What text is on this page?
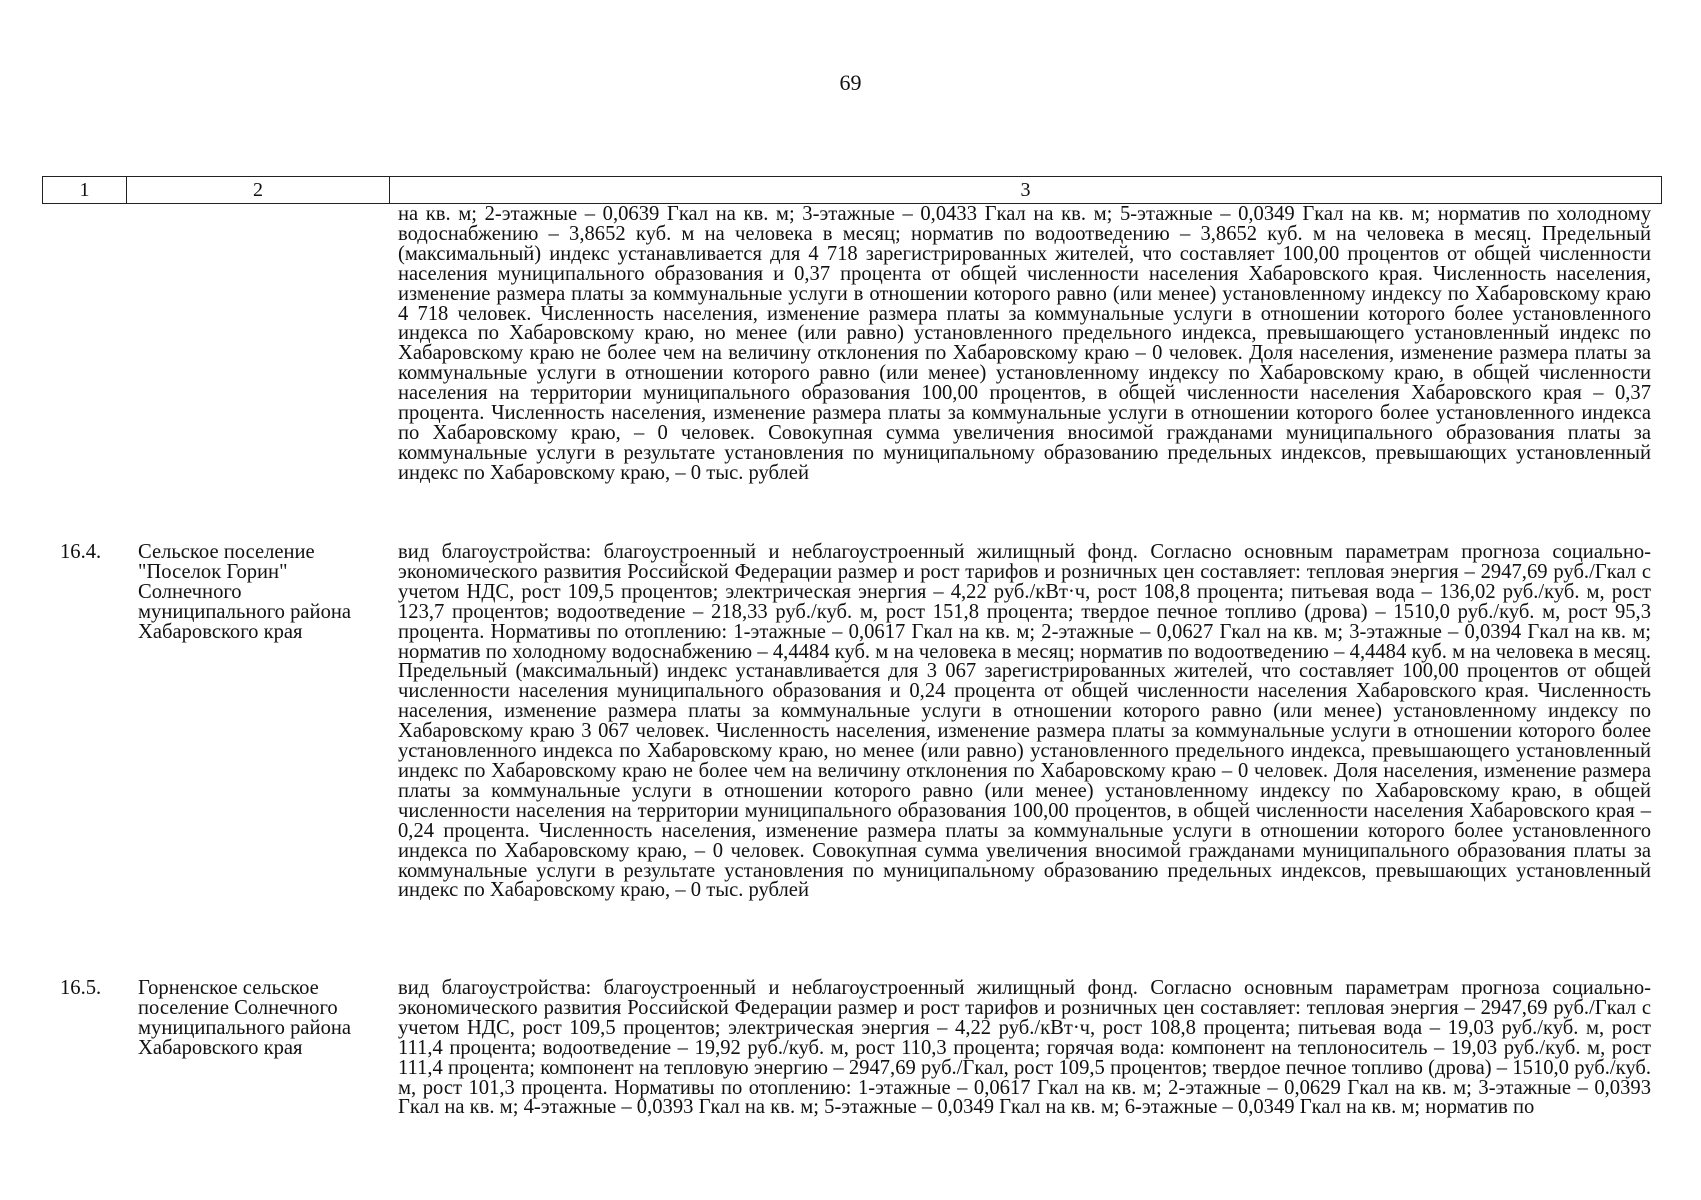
69
1	2	3
на кв. м; 2-этажные – 0,0639 Гкал на кв. м; 3-этажные – 0,0433 Гкал на кв. м; 5-этажные – 0,0349 Гкал на кв. м; норматив по холодному водоснабжению – 3,8652 куб. м на человека в месяц; норматив по водоотведению – 3,8652 куб. м на человека в месяц. Предельный (максимальный) индекс устанавливается для 4 718 зарегистрированных жителей, что составляет 100,00 процентов от общей численности населения муниципального образования и 0,37 процента от общей численности населения Хабаровского края. Численность населения, изменение размера платы за коммунальные услуги в отношении которого равно (или менее) установленному индексу по Хабаровскому краю 4 718 человек. Численность населения, изменение размера платы за коммунальные услуги в отношении которого более установленного индекса по Хабаровскому краю, но менее (или равно) установленного предельного индекса, превышающего установленный индекс по Хабаровскому краю не более чем на величину отклонения по Хабаровскому краю – 0 человек. Доля населения, изменение размера платы за коммунальные услуги в отношении которого равно (или менее) установленному индексу по Хабаровскому краю, в общей численности населения на территории муниципального образования 100,00 процентов, в общей численности населения Хабаровского края – 0,37 процента. Численность населения, изменение размера платы за коммунальные услуги в отношении которого более установленного индекса по Хабаровскому краю, – 0 человек. Совокупная сумма увеличения вносимой гражданами муниципального образования платы за коммунальные услуги в результате установления по муниципальному образованию предельных индексов, превышающих установленный индекс по Хабаровскому краю, – 0 тыс. рублей
16.4. Сельское поселение "Поселок Горин" Солнечного муниципального района Хабаровского края
вид благоустройства: благоустроенный и неблагоустроенный жилищный фонд. Согласно основным параметрам прогноза социально-экономического развития Российской Федерации размер и рост тарифов и розничных цен составляет: тепловая энергия – 2947,69 руб./Гкал с учетом НДС, рост 109,5 процентов; электрическая энергия – 4,22 руб./кВт·ч, рост 108,8 процента; питьевая вода – 136,02 руб./куб. м, рост 123,7 процентов; водоотведение – 218,33 руб./куб. м, рост 151,8 процента; твердое печное топливо (дрова) – 1510,0 руб./куб. м, рост 95,3 процента. Нормативы по отоплению: 1-этажные – 0,0617 Гкал на кв. м; 2-этажные – 0,0627 Гкал на кв. м; 3-этажные – 0,0394 Гкал на кв. м; норматив по холодному водоснабжению – 4,4484 куб. м на человека в месяц; норматив по водоотведению – 4,4484 куб. м на человека в месяц. Предельный (максимальный) индекс устанавливается для 3 067 зарегистрированных жителей, что составляет 100,00 процентов от общей численности населения муниципального образования и 0,24 процента от общей численности населения Хабаровского края. Численность населения, изменение размера платы за коммунальные услуги в отношении которого равно (или менее) установленному индексу по Хабаровскому краю 3 067 человек. Численность населения, изменение размера платы за коммунальные услуги в отношении которого более установленного индекса по Хабаровскому краю, но менее (или равно) установленного предельного индекса, превышающего установленный индекс по Хабаровскому краю не более чем на величину отклонения по Хабаровскому краю – 0 человек. Доля населения, изменение размера платы за коммунальные услуги в отношении которого равно (или менее) установленному индексу по Хабаровскому краю, в общей численности населения на территории муниципального образования 100,00 процентов, в общей численности населения Хабаровского края – 0,24 процента. Численность населения, изменение размера платы за коммунальные услуги в отношении которого более установленного индекса по Хабаровскому краю, – 0 человек. Совокупная сумма увеличения вносимой гражданами муниципального образования платы за коммунальные услуги в результате установления по муниципальному образованию предельных индексов, превышающих установленный индекс по Хабаровскому краю, – 0 тыс. рублей
16.5. Горненское сельское поселение Солнечного муниципального района Хабаровского края
вид благоустройства: благоустроенный и неблагоустроенный жилищный фонд. Согласно основным параметрам прогноза социально-экономического развития Российской Федерации размер и рост тарифов и розничных цен составляет: тепловая энергия – 2947,69 руб./Гкал с учетом НДС, рост 109,5 процентов; электрическая энергия – 4,22 руб./кВт·ч, рост 108,8 процента; питьевая вода – 19,03 руб./куб. м, рост 111,4 процента; водоотведение – 19,92 руб./куб. м, рост 110,3 процента; горячая вода: компонент на теплоноситель – 19,03 руб./куб. м, рост 111,4 процента; компонент на тепловую энергию – 2947,69 руб./Гкал, рост 109,5 процентов; твердое печное топливо (дрова) – 1510,0 руб./куб. м, рост 101,3 процента. Нормативы по отоплению: 1-этажные – 0,0617 Гкал на кв. м; 2-этажные – 0,0629 Гкал на кв. м; 3-этажные – 0,0393 Гкал на кв. м; 4-этажные – 0,0393 Гкал на кв. м; 5-этажные – 0,0349 Гкал на кв. м; 6-этажные – 0,0349 Гкал на кв. м; норматив по
